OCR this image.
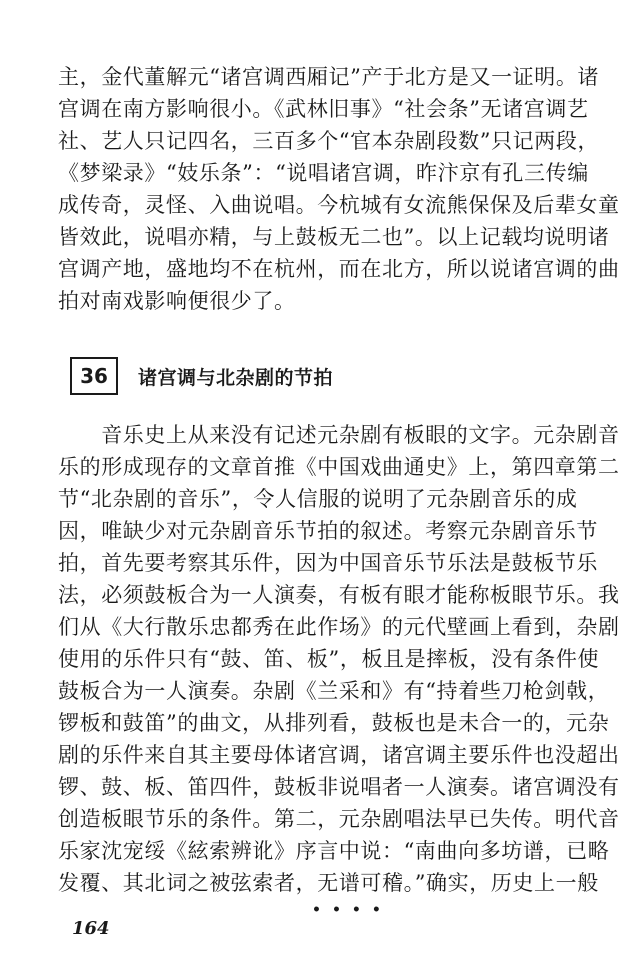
主，金代董解元“诸宫调西厢记”产于北方是又一证明。诸
宫调在南方影响很小。《武林旧事》“社会条”无诸宫调艺
社、艺人只记四名，三百多个“官本杂剧段数”只记两段，
《梦梁录》“妓乐条”：“说唱诸宫调，昨汴京有孔三传编
成传奇，灵怪、入曲说唱。今杭城有女流熊保保及后辈女童
皆效此，说唱亦精，与上鼓板无二也”。以上记载均说明诸
宫调产地，盛地均不在杭州，而在北方，所以说诸宫调的曲
拍对南戏影响便很少了。
36	诸宫调与北杂剧的节拍
　　音乐史上从来没有记述元杂剧有板眼的文字。元杂剧音
乐的形成现存的文章首推《中国戏曲通史》上，第四章第二
节“北杂剧的音乐”，令人信服的说明了元杂剧音乐的成
因，唯缺少对元杂剧音乐节拍的叙述。考察元杂剧音乐节
拍，首先要考察其乐件，因为中国音乐节乐法是鼓板节乐
法，必须鼓板合为一人演奏，有板有眼才能称板眼节乐。我
们从《大行散乐忠都秀在此作场》的元代壁画上看到，杂剧
使用的乐件只有“鼓、笛、板”，板且是摔板，没有条件使
鼓板合为一人演奏。杂剧《兰采和》有“持着些刀枪剑戟，
锣板和鼓笛”的曲文，从排列看，鼓板也是未合一的，元杂
剧的乐件来自其主要母体诸宫调，诸宫调主要乐件也没超出
锣、鼓、板、笛四件，鼓板非说唱者一人演奏。诸宫调没有
创造板眼节乐的条件。第二，元杂剧唱法早已失传。明代音
乐家沈宠绥《絃索辨讹》序言中说：“南曲向多坊谱，已略
发覆、其北词之被弦索者，无谱可稽。”确实，历史上一般
••••
164
